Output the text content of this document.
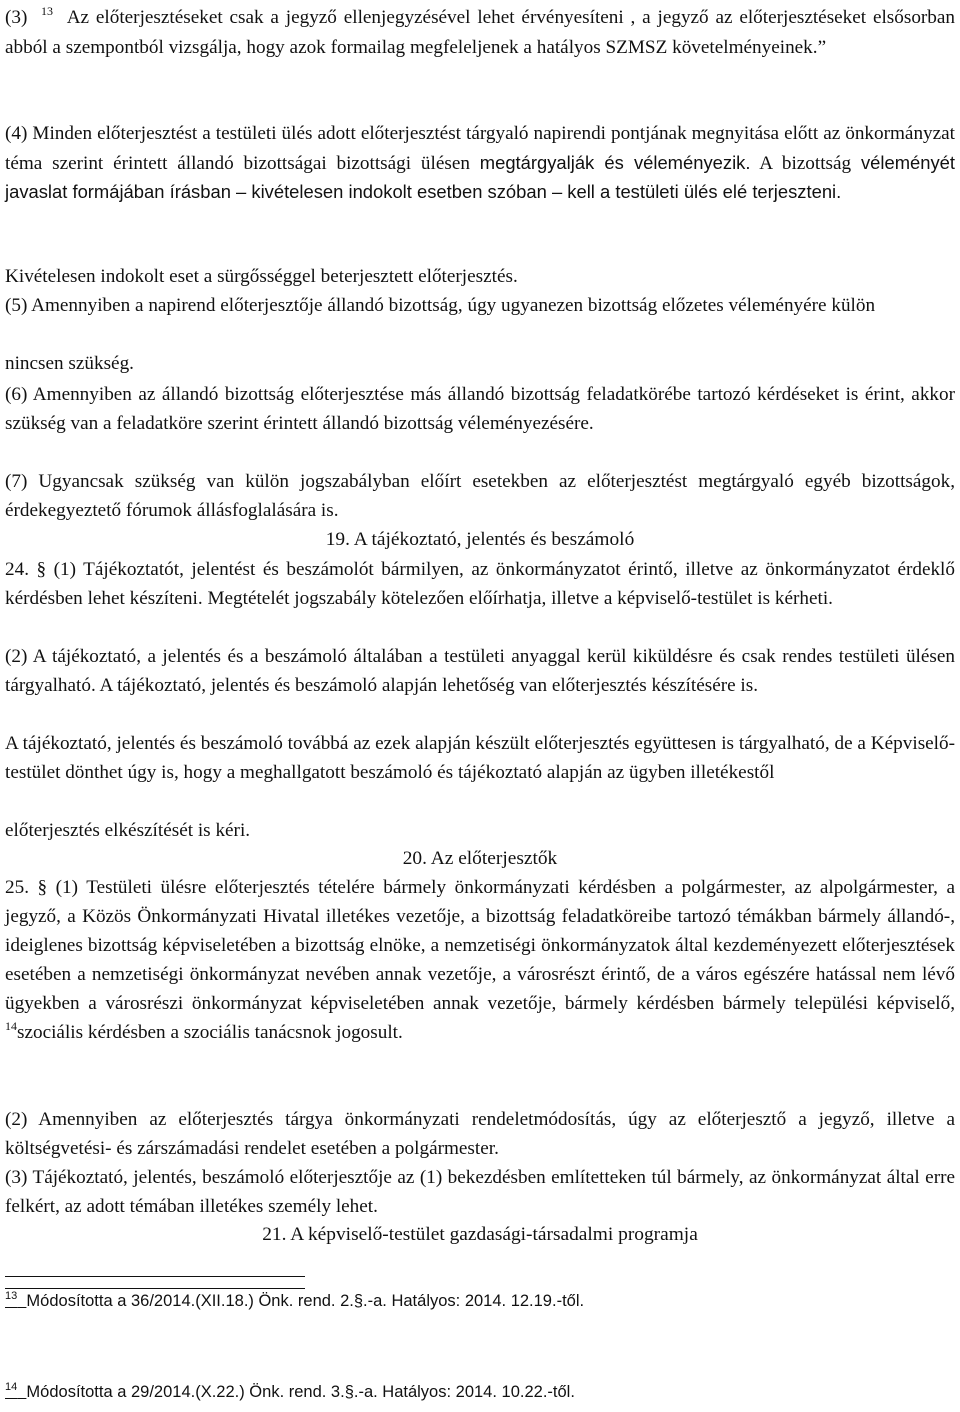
(3) $^{13}$ Az előterjesztéseket csak a jegyző ellenjegyzésével lehet érvényesíteni , a jegyző az előterjesztéseket elsősorban abból a szempontból vizsgálja, hogy azok formailag megfeleljenek a hatályos SZMSZ követelményeinek.”
(4) Minden előterjesztést a testületi ülés adott előterjesztést tárgyaló napirendi pontjának megnyitása előtt az önkormányzat téma szerint érintett állandó bizottságai bizottsági ülésen megtárgyalják és véleményezik. A bizottság véleményét javaslat formájában írásban – kivételesen indokolt esetben szóban – kell a testületi ülés elé terjeszteni.
Kivételesen indokolt eset a sürgősséggel beterjesztett előterjesztés.
(5) Amennyiben a napirend előterjesztője állandó bizottság, úgy ugyanezen bizottság előzetes véleményére külön
nincsen szükség.
(6) Amennyiben az állandó bizottság előterjesztése más állandó bizottság feladatkörébe tartozó kérdéseket is érint, akkor szükség van a feladatköre szerint érintett állandó bizottság véleményezésére.
(7) Ugyancsak szükség van külön jogszabályban előírt esetekben az előterjesztést megtárgyaló egyéb bizottságok, érdekegyeztető fórumok állásfoglalására is.
19. A tájékoztató, jelentés és beszámoló
24. § (1) Tájékoztatót, jelentést és beszámolót bármilyen, az önkormányzatot érintő, illetve az önkormányzatot érdeklő kérdésben lehet készíteni. Megtételét jogszabály kötelezően előírhatja, illetve a képviselő-testület is kérheti.
(2) A tájékoztató, a jelentés és a beszámoló általában a testületi anyaggal kerül kiküldésre és csak rendes testületi ülésen tárgyalható. A tájékoztató, jelentés és beszámoló alapján lehetőség van előterjesztés készítésére is.
A tájékoztató, jelentés és beszámoló továbbá az ezek alapján készült előterjesztés együttesen is tárgyalható, de a Képviselő-testület dönthet úgy is, hogy a meghallgatott beszámoló és tájékoztató alapján az ügyben illetékestől
előterjesztés elkészítését is kéri.
20. Az előterjesztők
25. § (1) Testületi ülésre előterjesztés tételére bármely önkormányzati kérdésben a polgármester, az alpolgármester, a jegyző, a Közös Önkormányzati Hivatal illetékes vezetője, a bizottság feladatköreibe tartozó témákban bármely állandó-, ideiglenes bizottság képviseletében a bizottság elnöke, a nemzetiségi önkormányzatok által kezdeményezett előterjesztések esetében a nemzetiségi önkormányzat nevében annak vezetője, a városrészt érintő, de a város egészére hatással nem lévő ügyekben a városrészi önkormányzat képviseletében annak vezetője, bármely kérdésben bármely települési képviselő, $^{14}$szociális kérdésben a szociális tanácsnok jogosult.
(2) Amennyiben az előterjesztés tárgya önkormányzati rendeletmódosítás, úgy az előterjesztő a jegyző, illetve a költségvetési- és zárszámadási rendelet esetében a polgármester.
(3) Tájékoztató, jelentés, beszámoló előterjesztője az (1) bekezdésben említetteken túl bármely, az önkormányzat által erre felkért, az adott témában illetékes személy lehet.
21. A képviselő-testület gazdasági-társadalmi programja
$^{13}$ Módosította a 36/2014.(XII.18.) Önk. rend. 2.§.-a. Hatályos: 2014. 12.19.-től.
$^{14}$ Módosította a 29/2014.(X.22.) Önk. rend. 3.§.-a. Hatályos: 2014. 10.22.-től.
